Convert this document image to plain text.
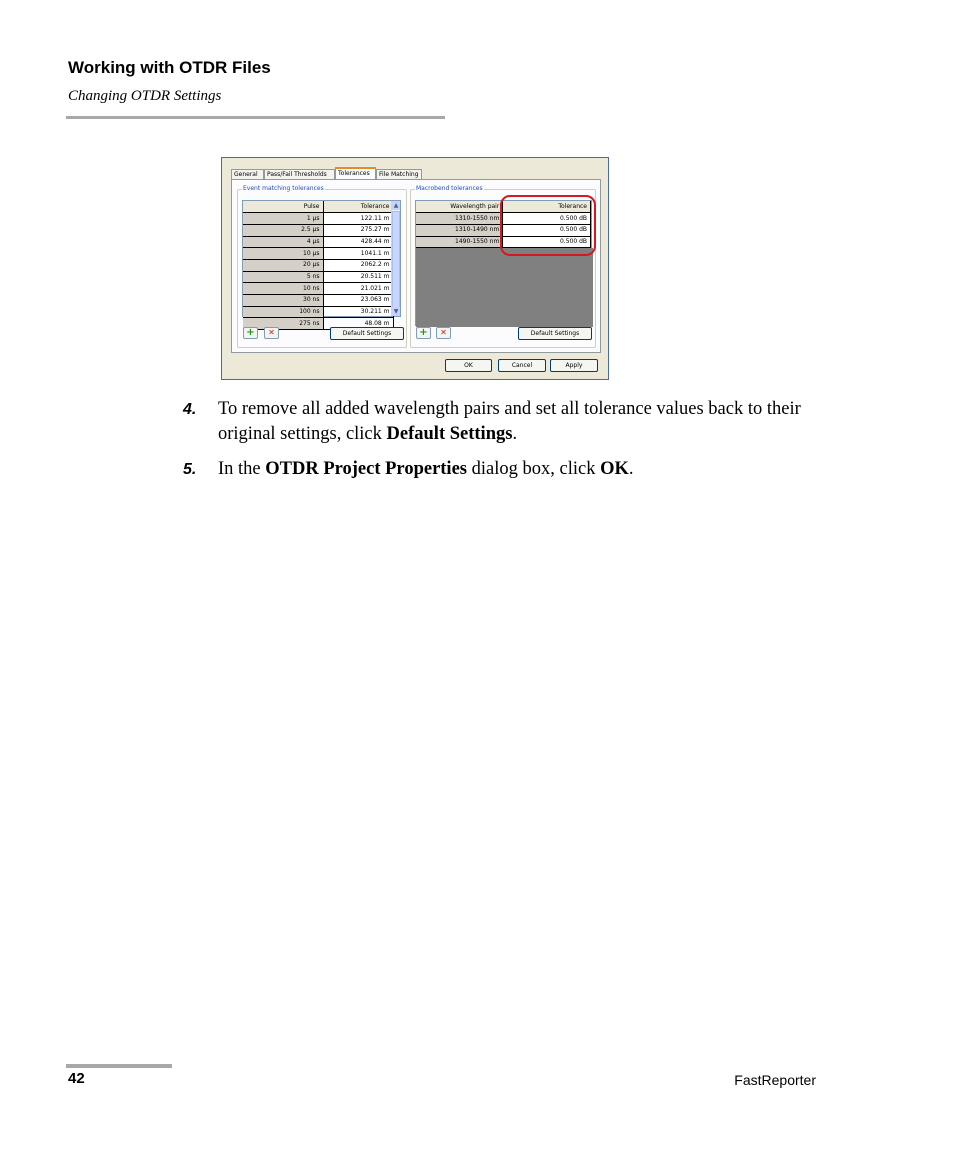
Working with OTDR Files
Changing OTDR Settings
General	Pass/Fail Thresholds	Tolerances	File Matching
Event matching tolerances
Pulse	Tolerance
1 µs	122.11 m
2.5 µs	275.27 m
4 µs	428.44 m
10 µs	1041.1 m
20 µs	2062.2 m
5 ns	20.511 m
10 ns	21.021 m
30 ns	23.063 m
100 ns	30.211 m
275 ns	48.08 m
▲
▼
+	✕	Default Settings
Macrobend tolerances
Wavelength pair	Tolerance
1310-1550 nm	0.500 dB
1310-1490 nm	0.500 dB
1490-1550 nm	0.500 dB
+	✕	Default Settings
OK	Cancel	Apply
4. To remove all added wavelength pairs and set all tolerance values back to their original settings, click Default Settings.
5. In the OTDR Project Properties dialog box, click OK.
42	FastReporter
